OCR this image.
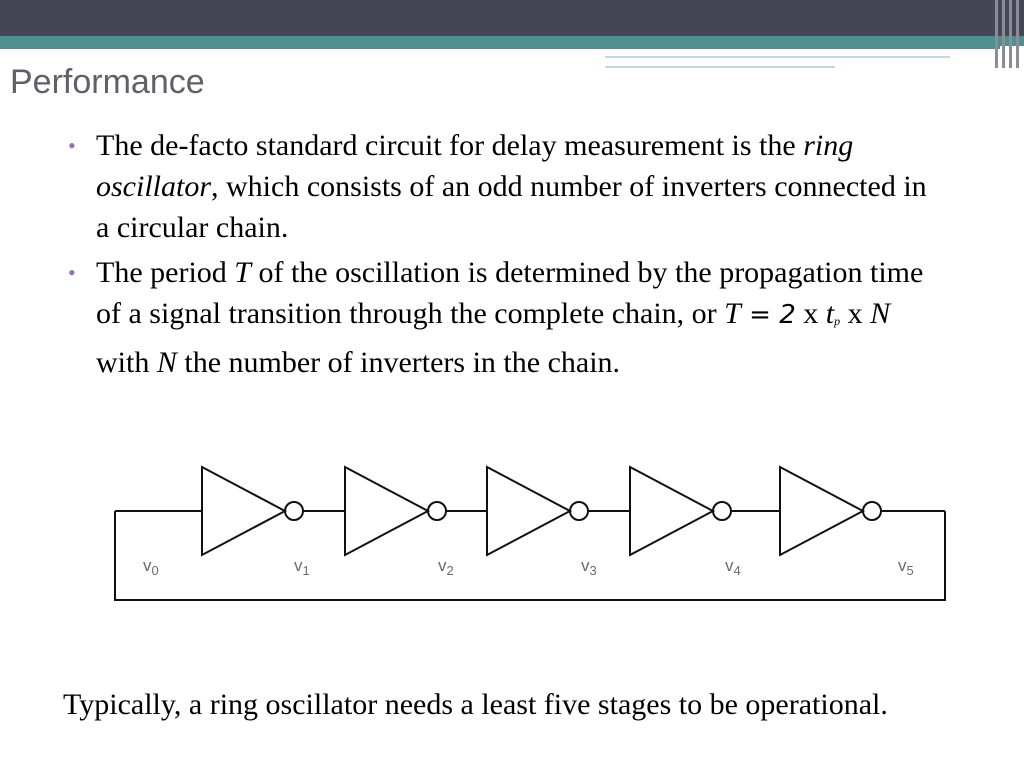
Performance
• The de-facto standard circuit for delay measurement is the ring oscillator, which consists of an odd number of inverters connected in a circular chain.
• The period T of the oscillation is determined by the propagation time of a signal transition through the complete chain, or T = 2 x tp x N with N the number of inverters in the chain.
$v_0$	$v_1$	$v_2$	$v_3$	$v_4$	$v_5$
Typically, a ring oscillator needs a least five stages to be operational.
